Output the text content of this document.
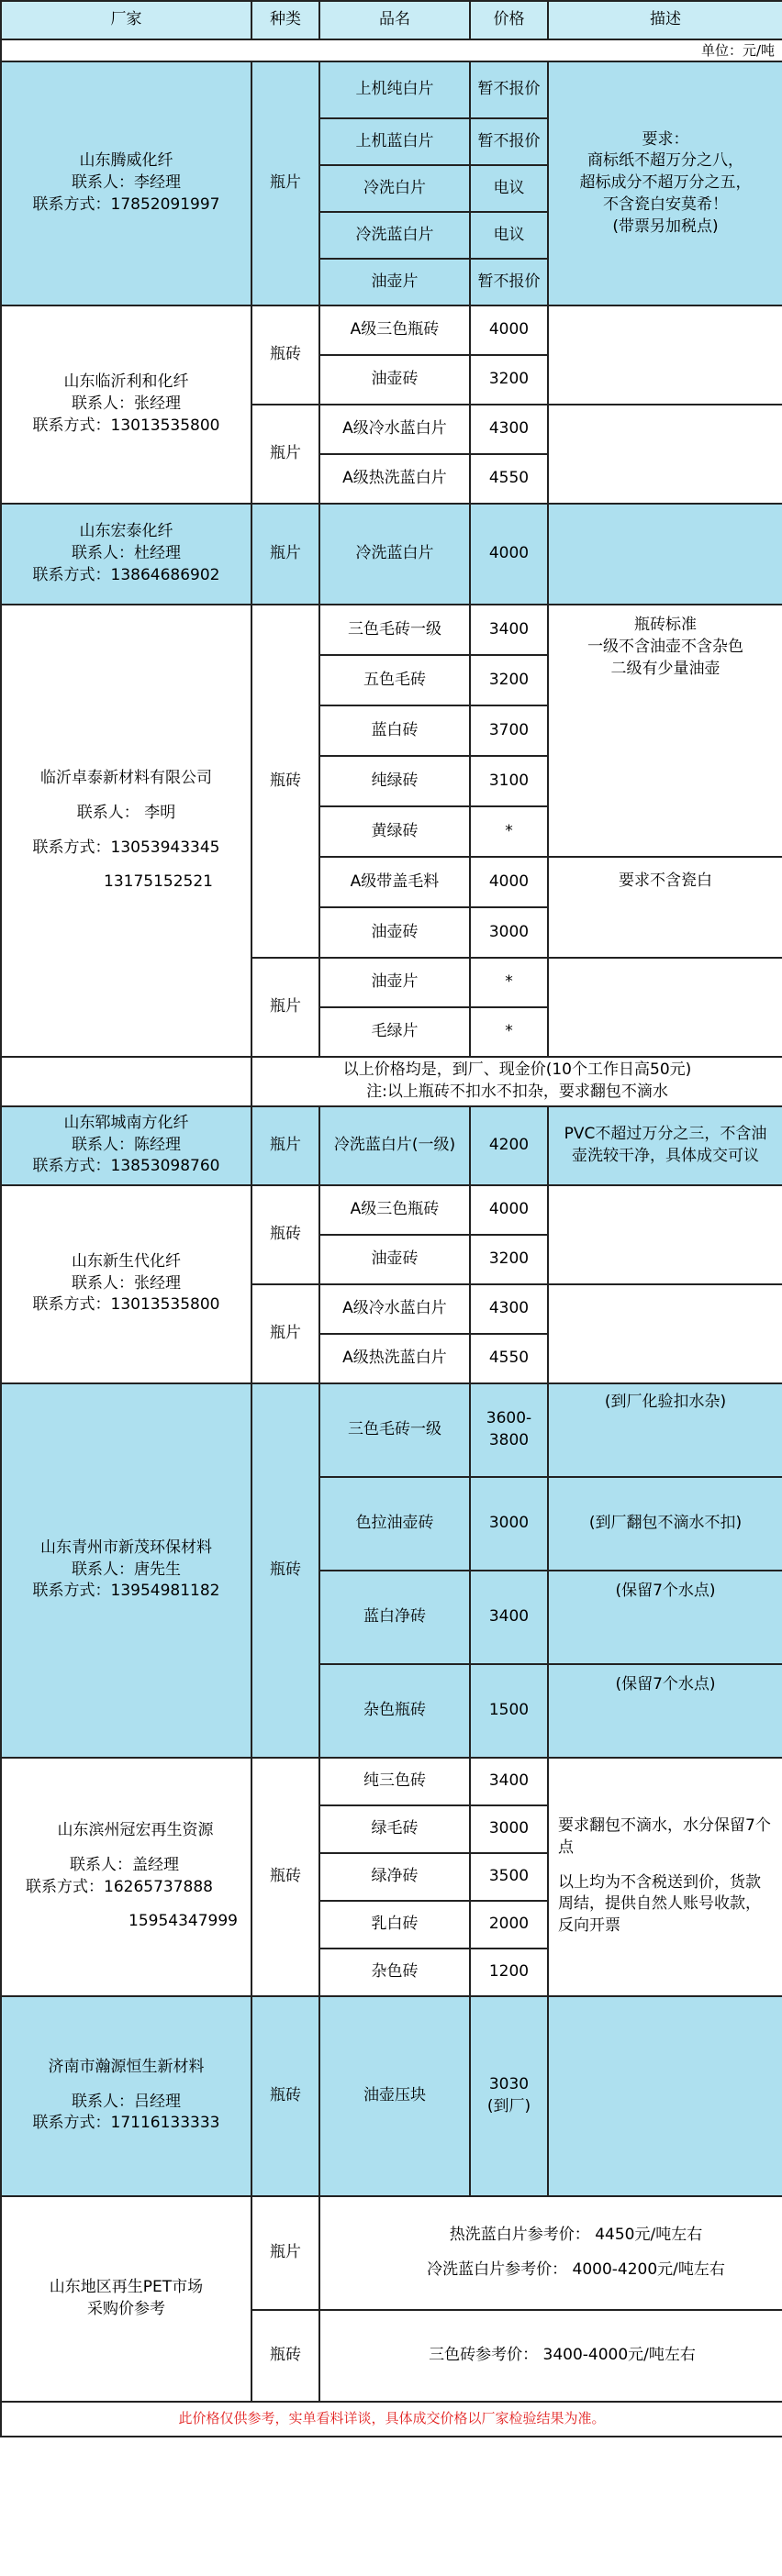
厂家	种类	品名	价格	描述
单位：元/吨				

山东腾威化纤
联系人：李经理
联系方式：17852091997	瓶片	上机纯白片	暂不报价	要求：
商标纸不超万分之八，
超标成分不超万分之五，
不含瓷白安莫希！
(带票另加税点)

		上机蓝白片	暂不报价	
		冷洗白片	电议	
		冷洗蓝白片	电议	
		油壶片	暂不报价	

山东临沂利和化纤
联系人：张经理
联系方式：13013535800	瓶砖	A级三色瓶砖	4000	
		油壶砖	3200	
	瓶片	A级冷水蓝白片	4300	
		A级热洗蓝白片	4550	

山东宏泰化纤
联系人：杜经理
联系方式：13864686902	瓶片	冷洗蓝白片	4000	

临沂卓泰新材料有限公司
联系人： 李明
联系方式：13053943345
13175152521	瓶砖	三色毛砖一级	3400	瓶砖标准
一级不含油壶不含杂色
二级有少量油壶

		五色毛砖	3200	
		蓝白砖	3700	
		纯绿砖	3100	
		黄绿砖	*	
		A级带盖毛料	4000	要求不含瓷白

		油壶砖	3000	
	瓶片	油壶片	*	
		毛绿片	*	

	以上价格均是，到厂、现金价(10个工作日高50元)
注:以上瓶砖不扣水不扣杂，要求翻包不滴水			

山东郓城南方化纤
联系人：陈经理
联系方式：13853098760	瓶片	冷洗蓝白片(一级)	4200	PVC不超过万分之三，不含油
壶洗较干净，具体成交可议

山东新生代化纤
联系人：张经理
联系方式：13013535800	瓶砖	A级三色瓶砖	4000	
		油壶砖	3200	
	瓶片	A级冷水蓝白片	4300	
		A级热洗蓝白片	4550	

山东青州市新茂环保材料
联系人：唐先生
联系方式：13954981182	瓶砖	三色毛砖一级	3600-3800	(到厂化验扣水杂)
		色拉油壶砖	3000	(到厂翻包不滴水不扣)
		蓝白净砖	3400	(保留7个水点)
		杂色瓶砖	1500	(保留7个水点)

山东滨州冠宏再生资源
联系人：盖经理
联系方式：16265737888
15954347999	瓶砖	纯三色砖	3400	要求翻包不滴水，水分保留7个点
以上均为不含税送到价，货款周结，提供自然人账号收款，反向开票

		绿毛砖	3000	
		绿净砖	3500	
		乳白砖	2000	
		杂色砖	1200	

济南市瀚源恒生新材料
联系人：吕经理
联系方式：17116133333	瓶砖	油壶压块	3030
(到厂)	

山东地区再生PET市场
采购价参考	瓶片	热洗蓝白片参考价： 4450元/吨左右
冷洗蓝白片参考价： 4000-4200元/吨左右		

	瓶砖	三色砖参考价： 3400-4000元/吨左右		
此价格仅供参考，实单看料详谈，具体成交价格以厂家检验结果为准。				
